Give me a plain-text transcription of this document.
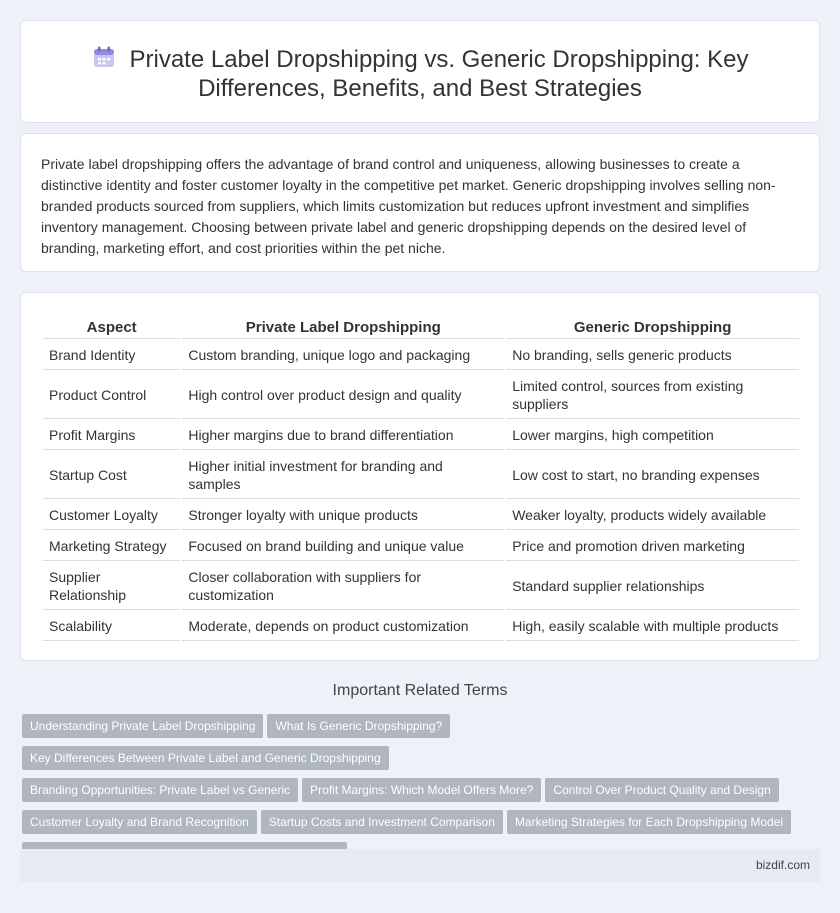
Private Label Dropshipping vs. Generic Dropshipping: Key
Differences, Benefits, and Best Strategies

Private label dropshipping offers the advantage of brand control and uniqueness, allowing businesses to create a distinctive identity and foster customer loyalty in the competitive pet market. Generic dropshipping involves selling non-branded products sourced from suppliers, which limits customization but reduces upfront investment and simplifies inventory management. Choosing between private label and generic dropshipping depends on the desired level of branding, marketing effort, and cost priorities within the pet niche.

Aspect	Private Label Dropshipping	Generic Dropshipping
Brand Identity	Custom branding, unique logo and packaging	No branding, sells generic products
Product Control	High control over product design and quality	Limited control, sources from existing suppliers
Profit Margins	Higher margins due to brand differentiation	Lower margins, high competition
Startup Cost	Higher initial investment for branding and samples	Low cost to start, no branding expenses
Customer Loyalty	Stronger loyalty with unique products	Weaker loyalty, products widely available
Marketing Strategy	Focused on brand building and unique value	Price and promotion driven marketing
Supplier Relationship	Closer collaboration with suppliers for customization	Standard supplier relationships
Scalability	Moderate, depends on product customization	High, easily scalable with multiple products
Important Related Terms
Understanding Private Label Dropshipping What Is Generic Dropshipping?Key Differences Between Private Label and Generic Dropshipping
Branding Opportunities: Private Label vs Generic Profit Margins: Which Model Offers More? Control Over Product Quality and Design
Customer Loyalty and Brand Recognition Startup Costs and Investment Comparison Marketing Strategies for Each Dropshipping Model

bizdif.com
